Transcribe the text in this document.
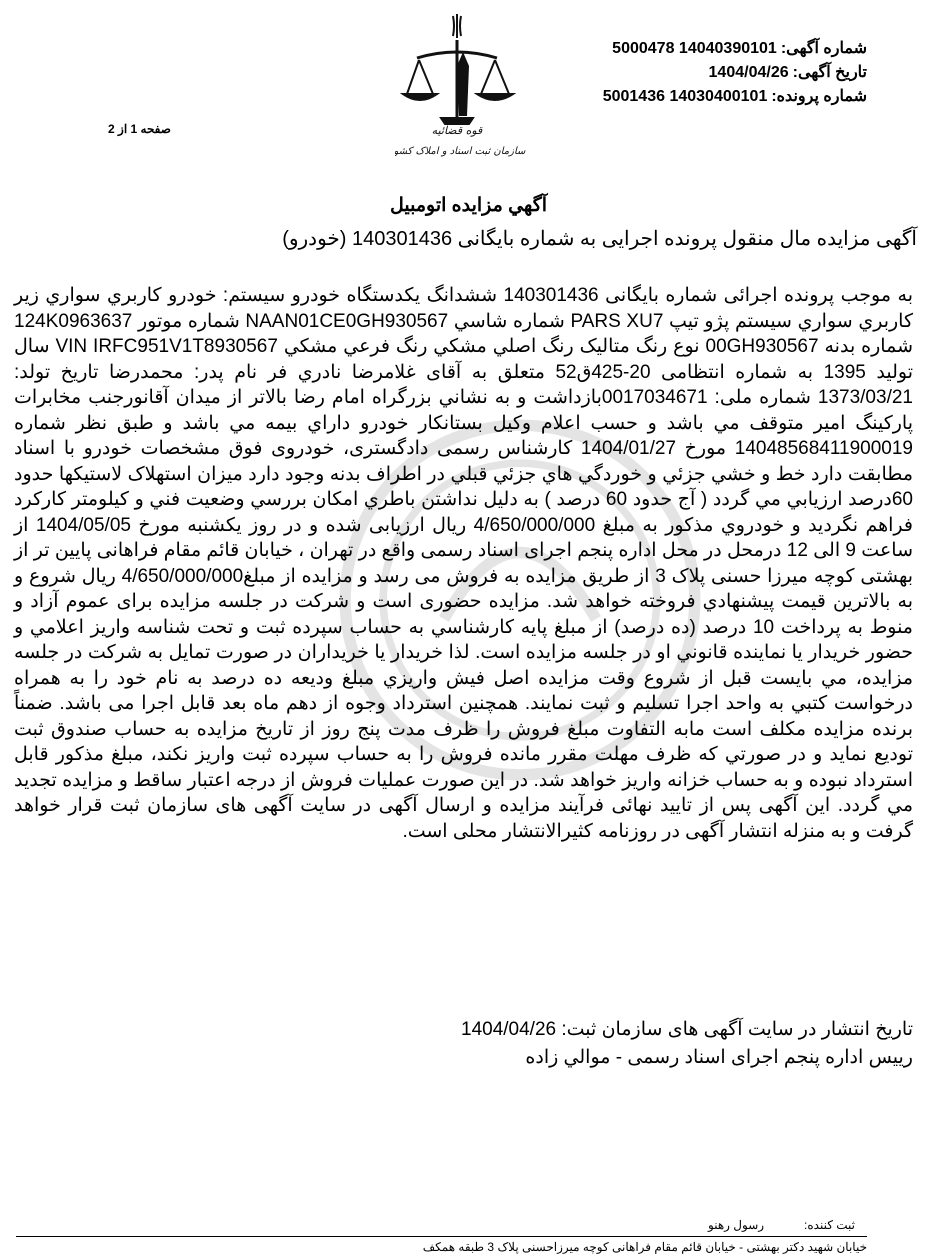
قوه قضائیه
سازمان ثبت اسناد و املاک کشور
شماره آگهی:14040390101 5000478
تاریخ آگهی:1404/04/26
شماره پرونده:14030400101 5001436
صفحه 1 از 2
آگهي مزايده اتومبيل
آگهی مزایده مال منقول پرونده اجرایی به شماره بایگانی 140301436 (خودرو)
به موجب پرونده اجرائی شماره بایگانی 140301436 ششدانگ یکدستگاه خودرو سیستم: خودرو کاربري سواري زير کاربري سواري سيستم پژو تيپ PARS XU7 شماره شاسي NAAN01CE0GH930567 شماره موتور 124K0963637 شماره بدنه 00GH930567 نوع رنگ متاليک رنگ اصلي مشکي رنگ فرعي مشکي VIN IRFC951V1T8930567 سال توليد 1395 به شماره انتظامی 20-425ق52 متعلق به آقای غلامرضا نادري فر نام پدر: محمدرضا تاریخ تولد: 1373/03/21 شماره ملی: 0017034671بازداشت و به نشاني بزرگراه امام رضا بالاتر از ميدان آقانورجنب مخابرات پارکينگ امير متوقف مي باشد و حسب اعلام وکيل بستانکار خودرو داراي بيمه مي باشد و طبق نظر شماره 14048568411900019 مورخ 1404/01/27 کارشناس رسمی دادگستری، خودروی فوق مشخصات خودرو با اسناد مطابقت دارد خط و خشي جزئي و خوردگي هاي جزئي قبلي در اطراف بدنه وجود دارد ميزان استهلاک لاستيکها حدود 60درصد ارزيابي مي گردد ( آج حدود 60 درصد ) به دليل نداشتن باطري امکان بررسي وضعيت فني و کيلومتر کارکرد فراهم نگرديد و خودروي مذکور به مبلغ 4/650/000/000 ریال ارزیابی شده و در روز یکشنبه مورخ 1404/05/05 از ساعت 9 الی 12 درمحل در محل اداره پنجم اجرای اسناد رسمی واقع در تهران ، خیابان قائم مقام فراهانی پایین تر از بهشتی کوچه میرزا حسنی پلاک 3 از طریق مزایده به فروش می رسد و مزایده از مبلغ4/650/000/000 ریال شروع و به بالاترین قیمت پیشنهادي فروخته خواهد شد. مزايده حضوری است و شرکت در جلسه مزايده برای عموم آزاد و منوط به پرداخت 10 درصد (ده درصد) از مبلغ پايه کارشناسي به حساب سپرده ثبت و تحت شناسه واريز اعلامي و حضور خريدار يا نماينده قانوني او در جلسه مزايده است. لذا خريدار يا خريداران در صورت تمايل به شرکت در جلسه مزايده، مي بايست قبل از شروع وقت مزايده اصل فيش واريزي مبلغ وديعه ده درصد به نام خود را به همراه درخواست کتبي به واحد اجرا تسليم و ثبت نمايند. همچنين استرداد وجوه از دهم ماه بعد قابل اجرا می باشد. ضمناً برنده مزايده مکلف است مابه التفاوت مبلغ فروش را ظرف مدت پنج روز از تاريخ مزايده به حساب صندوق ثبت توديع نمايد و در صورتي که ظرف مهلت مقرر مانده فروش را به حساب سپرده ثبت واريز نکند، مبلغ مذکور قابل استرداد نبوده و به حساب خزانه واريز خواهد شد. در اين صورت عمليات فروش از درجه اعتبار ساقط و مزايده تجديد مي گردد. این آگهی پس از تایید نهائی فرآیند مزایده و ارسال آگهی در سایت آگهی های سازمان ثبت قرار خواهد گرفت و به منزله انتشار آگهی در روزنامه کثیرالانتشار محلی است.
تاریخ انتشار در سایت آگهی های سازمان ثبت: 1404/04/26
رييس اداره پنجم اجرای اسناد رسمی - موالي زاده
ثبت کننده:رسول رهنو
خیابان شهید دکتر بهشتی - خیابان قائم مقام فراهانی کوچه میرزاحسنی پلاک 3 طبقه همکف
